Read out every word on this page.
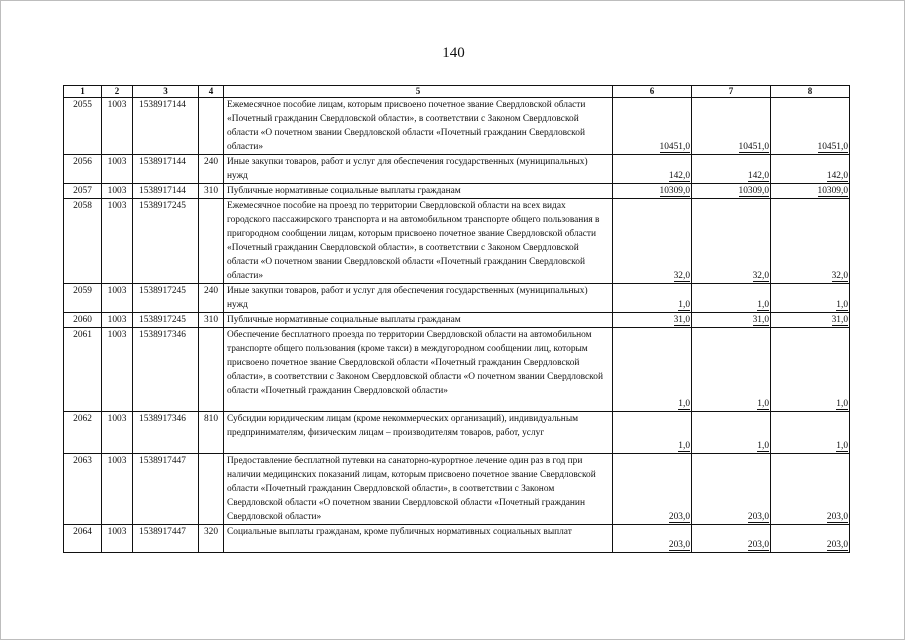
140
1	2	3	4	5	6	7	8
2055	1003	1538917144		Ежемесячное пособие лицам, которым присвоено почетное звание Свердловской области «Почетный гражданин Свердловской области», в соответствии с Законом Свердловской области «О почетном звании Свердловской области «Почетный гражданин Свердловской области»	10451,0	10451,0	10451,0
2056	1003	1538917144	240	Иные закупки товаров, работ и услуг для обеспечения государственных (муниципальных) нужд	142,0	142,0	142,0
2057	1003	1538917144	310	Публичные нормативные социальные выплаты гражданам	10309,0	10309,0	10309,0
2058	1003	1538917245		Ежемесячное пособие на проезд по территории Свердловской области на всех видах городского пассажирского транспорта и на автомобильном транспорте общего пользования в пригородном сообщении лицам, которым присвоено почетное звание Свердловской области «Почетный гражданин Свердловской области», в соответствии с Законом Свердловской области «О почетном звании Свердловской области «Почетный гражданин Свердловской области»	32,0	32,0	32,0
2059	1003	1538917245	240	Иные закупки товаров, работ и услуг для обеспечения государственных (муниципальных) нужд	1,0	1,0	1,0
2060	1003	1538917245	310	Публичные нормативные социальные выплаты гражданам	31,0	31,0	31,0
2061	1003	1538917346		Обеспечение бесплатного проезда по территории Свердловской области на автомобильном транспорте общего пользования (кроме такси) в междугородном сообщении лиц, которым присвоено почетное звание Свердловской области «Почетный гражданин Свердловской области», в соответствии с Законом Свердловской области «О почетном звании Свердловской области «Почетный гражданин Свердловской области»	1,0	1,0	1,0
2062	1003	1538917346	810	Субсидии юридическим лицам (кроме некоммерческих организаций), индивидуальным предпринимателям, физическим лицам – производителям товаров, работ, услуг	1,0	1,0	1,0
2063	1003	1538917447		Предоставление бесплатной путевки на санаторно-курортное лечение один раз в год при наличии медицинских показаний лицам, которым присвоено почетное звание Свердловской области «Почетный гражданин Свердловской области», в соответствии с Законом Свердловской области «О почетном звании Свердловской области «Почетный гражданин Свердловской области»	203,0	203,0	203,0
2064	1003	1538917447	320	Социальные выплаты гражданам, кроме публичных нормативных социальных выплат	203,0	203,0	203,0
